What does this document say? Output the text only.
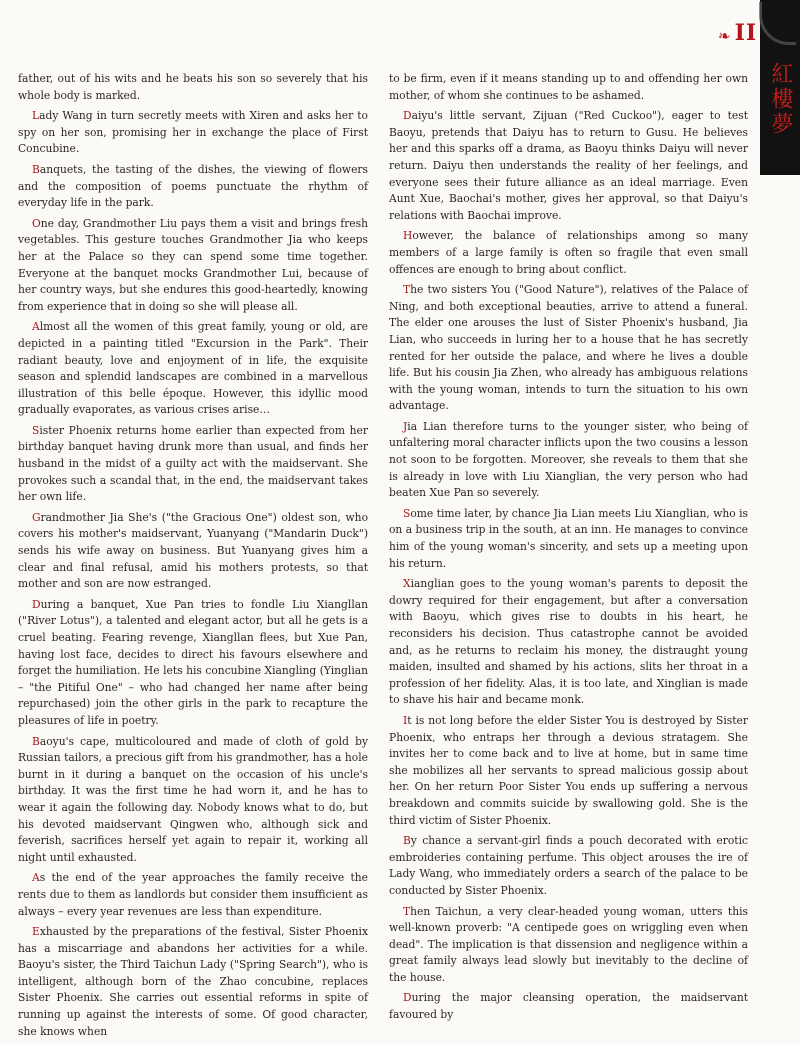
紅樓夢
❧ II

father, out of his wits and he beats his son so severely that his whole body is marked.

Lady Wang in turn secretly meets with Xiren and asks her to spy on her son, promising her in exchange the place of First Concubine.

Banquets, the tasting of the dishes, the viewing of flowers and the composition of poems punctuate the rhythm of everyday life in the park.

One day, Grandmother Liu pays them a visit and brings fresh vegetables. This gesture touches Grandmother Jia who keeps her at the Palace so they can spend some time together. Everyone at the banquet mocks Grandmother Lui, because of her country ways, but she endures this good-heartedly, knowing from experience that in doing so she will please all.

Almost all the women of this great family, young or old, are depicted in a painting titled "Excursion in the Park". Their radiant beauty, love and enjoyment of in life, the exquisite season and splendid landscapes are combined in a marvellous illustration of this belle époque. However, this idyllic mood gradually evaporates, as various crises arise…

Sister Phoenix returns home earlier than expected from her birthday banquet having drunk more than usual, and finds her husband in the midst of a guilty act with the maidservant. She provokes such a scandal that, in the end, the maidservant takes her own life.

Grandmother Jia She's ("the Gracious One") oldest son, who covers his mother's maidservant, Yuanyang ("Mandarin Duck") sends his wife away on business. But Yuanyang gives him a clear and final refusal, amid his mothers protests, so that mother and son are now estranged.

During a banquet, Xue Pan tries to fondle Liu Xiangllan ("River Lotus"), a talented and elegant actor, but all he gets is a cruel beating. Fearing revenge, Xiangllan flees, but Xue Pan, having lost face, decides to direct his favours elsewhere and forget the humiliation. He lets his concubine Xiangling (Yinglian – "the Pitiful One" – who had changed her name after being repurchased) join the other girls in the park to recapture the pleasures of life in poetry.

Baoyu's cape, multicoloured and made of cloth of gold by Russian tailors, a precious gift from his grandmother, has a hole burnt in it during a banquet on the occasion of his uncle's birthday. It was the first time he had worn it, and he has to wear it again the following day. Nobody knows what to do, but his devoted maidservant Qingwen who, although sick and feverish, sacrifices herself yet again to repair it, working all night until exhausted.

As the end of the year approaches the family receive the rents due to them as landlords but consider them insufficient as always – every year revenues are less than expenditure.

Exhausted by the preparations of the festival, Sister Phoenix has a miscarriage and abandons her activities for a while. Baoyu's sister, the Third Taichun Lady ("Spring Search"), who is intelligent, although born of the Zhao concubine, replaces Sister Phoenix. She carries out essential reforms in spite of running up against the interests of some. Of good character, she knows when

to be firm, even if it means standing up to and offending her own mother, of whom she continues to be ashamed.

Daiyu's little servant, Zijuan ("Red Cuckoo"), eager to test Baoyu, pretends that Daiyu has to return to Gusu. He believes her and this sparks off a drama, as Baoyu thinks Daiyu will never return. Daiyu then understands the reality of her feelings, and everyone sees their future alliance as an ideal marriage. Even Aunt Xue, Baochai's mother, gives her approval, so that Daiyu's relations with Baochai improve.

However, the balance of relationships among so many members of a large family is often so fragile that even small offences are enough to bring about conflict.

The two sisters You ("Good Nature"), relatives of the Palace of Ning, and both exceptional beauties, arrive to attend a funeral. The elder one arouses the lust of Sister Phoenix's husband, Jia Lian, who succeeds in luring her to a house that he has secretly rented for her outside the palace, and where he lives a double life. But his cousin Jia Zhen, who already has ambiguous relations with the young woman, intends to turn the situation to his own advantage.

Jia Lian therefore turns to the younger sister, who being of unfaltering moral character inflicts upon the two cousins a lesson not soon to be forgotten. Moreover, she reveals to them that she is already in love with Liu Xianglian, the very person who had beaten Xue Pan so severely.

Some time later, by chance Jia Lian meets Liu Xianglian, who is on a business trip in the south, at an inn. He manages to convince him of the young woman's sincerity, and sets up a meeting upon his return.

Xianglian goes to the young woman's parents to deposit the dowry required for their engagement, but after a conversation with Baoyu, which gives rise to doubts in his heart, he reconsiders his decision. Thus catastrophe cannot be avoided and, as he returns to reclaim his money, the distraught young maiden, insulted and shamed by his actions, slits her throat in a profession of her fidelity. Alas, it is too late, and Xinglian is made to shave his hair and became monk.

It is not long before the elder Sister You is destroyed by Sister Phoenix, who entraps her through a devious stratagem. She invites her to come back and to live at home, but in same time she mobilizes all her servants to spread malicious gossip about her. On her return Poor Sister You ends up suffering a nervous breakdown and commits suicide by swallowing gold. She is the third victim of Sister Phoenix.

By chance a servant-girl finds a pouch decorated with erotic embroideries containing perfume. This object arouses the ire of Lady Wang, who immediately orders a search of the palace to be conducted by Sister Phoenix.

Then Taichun, a very clear-headed young woman, utters this well-known proverb: "A centipede goes on wriggling even when dead". The implication is that dissension and negligence within a great family always lead slowly but inevitably to the decline of the house.

During the major cleansing operation, the maidservant favoured by
